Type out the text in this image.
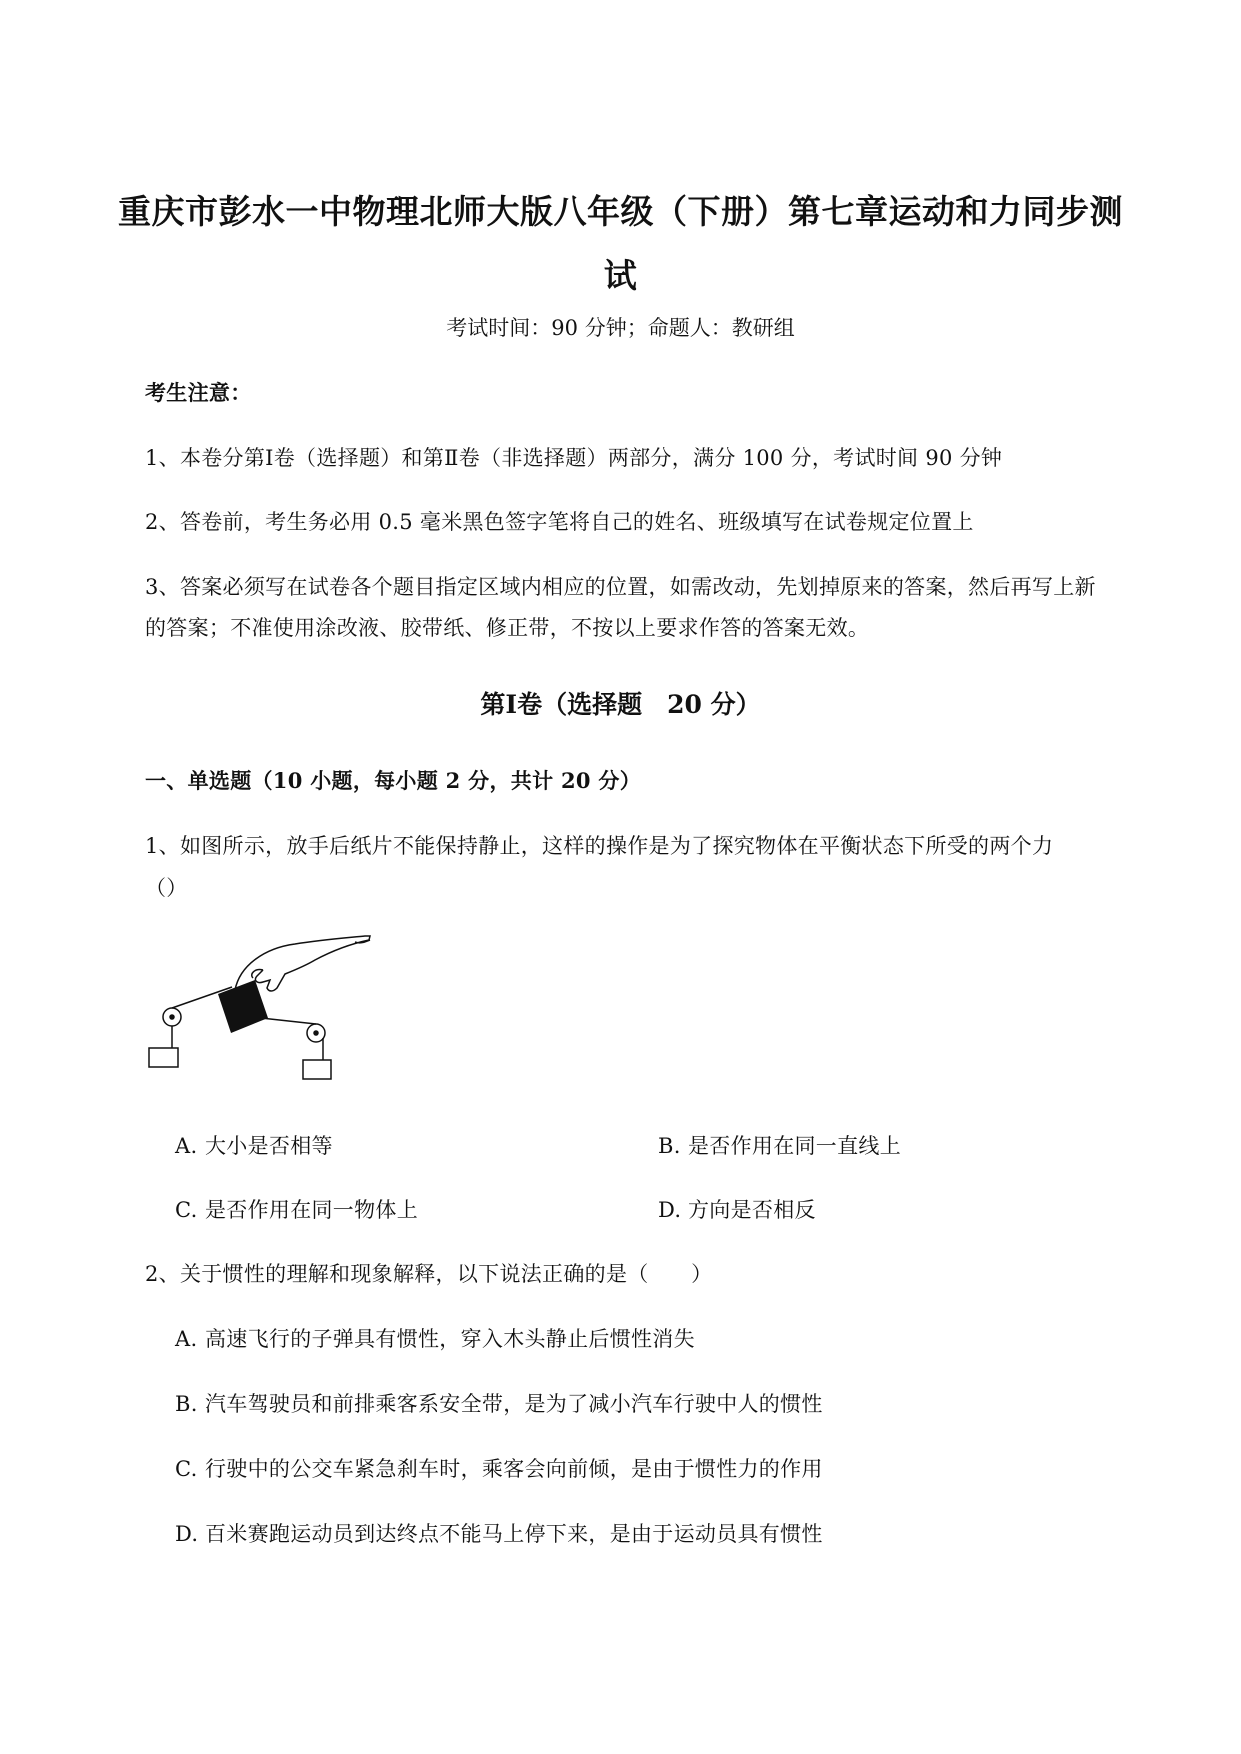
重庆市彭水一中物理北师大版八年级（下册）第七章运动和力同步测
试
考试时间：90 分钟；命题人：教研组
考生注意：
1、本卷分第Ⅰ卷（选择题）和第Ⅱ卷（非选择题）两部分，满分 100 分，考试时间 90 分钟
2、答卷前，考生务必用 0.5 毫米黑色签字笔将自己的姓名、班级填写在试卷规定位置上
3、答案必须写在试卷各个题目指定区域内相应的位置，如需改动，先划掉原来的答案，然后再写上新
的答案；不准使用涂改液、胶带纸、修正带，不按以上要求作答的答案无效。
第Ⅰ卷（选择题　20 分）
一、单选题（10 小题，每小题 2 分，共计 20 分）
1、如图所示，放手后纸片不能保持静止，这样的操作是为了探究物体在平衡状态下所受的两个力
（）
A. 大小是否相等	B. 是否作用在同一直线上
C. 是否作用在同一物体上	D. 方向是否相反
2、关于惯性的理解和现象解释，以下说法正确的是（　　）
A. 高速飞行的子弹具有惯性，穿入木头静止后惯性消失
B. 汽车驾驶员和前排乘客系安全带，是为了减小汽车行驶中人的惯性
C. 行驶中的公交车紧急刹车时，乘客会向前倾，是由于惯性力的作用
D. 百米赛跑运动员到达终点不能马上停下来，是由于运动员具有惯性
